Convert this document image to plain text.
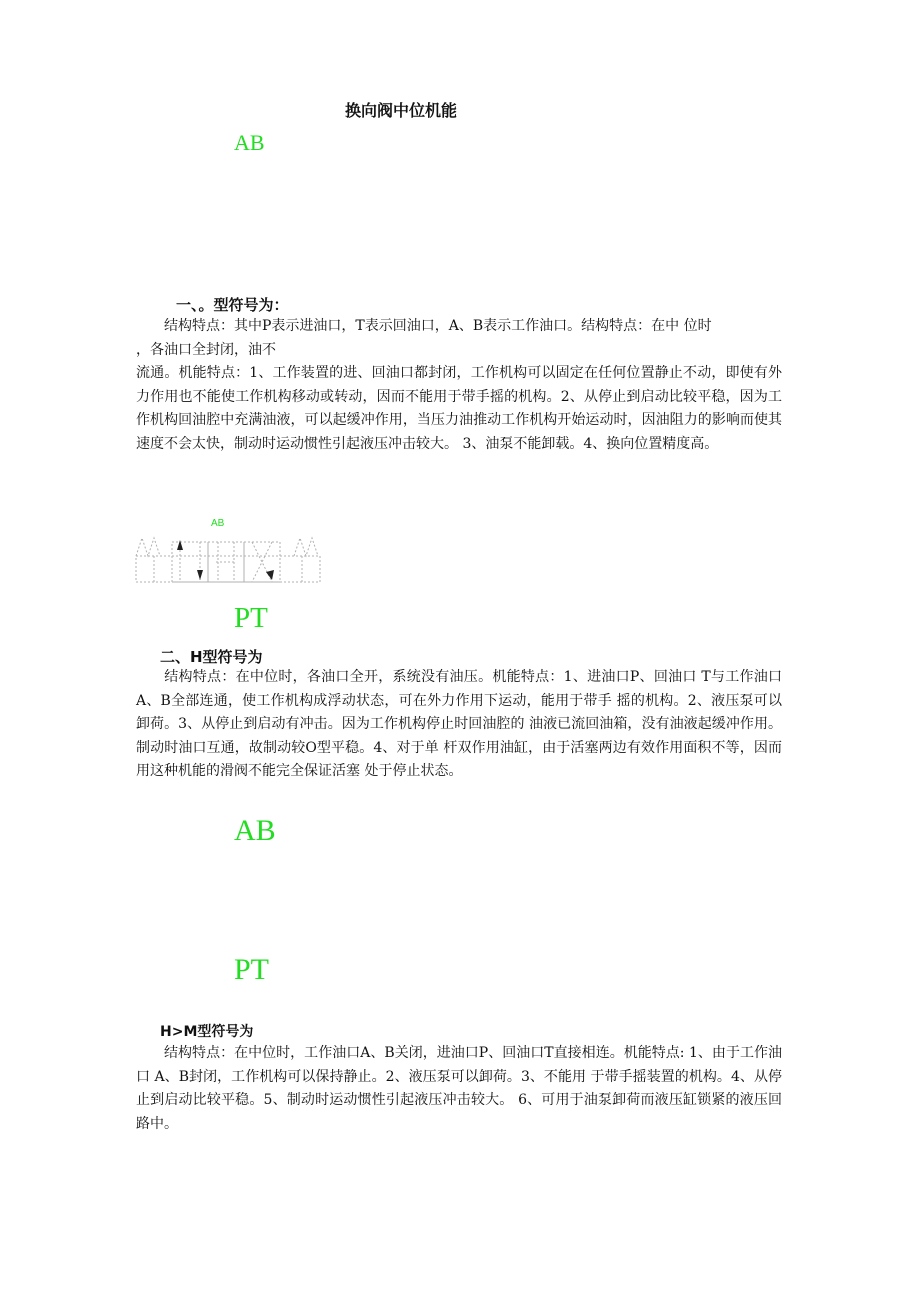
换向阀中位机能
AB
一、。型符号为：

结构特点：其中P表示进油口，T表示回油口，A、B表示工作油口。结构特点：在中 位时
，各油口全封闭，油不
流通。机能特点：1、工作装置的进、回油口都封闭，工作机构可以固定在任何位置静止不动，即使有外力作用也不能使工作机构移动或转动，因而不能用于带手摇的机构。2、从停止到启动比较平稳，因为工作机构回油腔中充满油液，可以起缓冲作用，当压力油推动工作机构开始运动时，因油阻力的影响而使其速度不会太快，制动时运动惯性引起液压冲击较大。 3、油泵不能卸载。4、换向位置精度高。

AB
PT
二、H型符号为

结构特点：在中位时，各油口全开，系统没有油压。机能特点：1、进油口P、回油口 T与工作油口 A、B全部连通，使工作机构成浮动状态，可在外力作用下运动，能用于带手 摇的机构。2、液压泵可以卸荷。3、从停止到启动有冲击。因为工作机构停止时回油腔的 油液已流回油箱，没有油液起缓冲作用。制动时油口互通，故制动较O型平稳。4、对于单 杆双作用油缸，由于活塞两边有效作用面积不等，因而用这种机能的滑阀不能完全保证活塞 处于停止状态。

AB
PT
H>M型符号为

结构特点：在中位时，工作油口A、B关闭，进油口P、回油口T直接相连。机能特点: 1、由于工作油口 A、B封闭，工作机构可以保持静止。2、液压泵可以卸荷。3、不能用 于带手摇装置的机构。4、从停止到启动比较平稳。5、制动时运动惯性引起液压冲击较大。 6、可用于油泵卸荷而液压缸锁紧的液压回路中。
